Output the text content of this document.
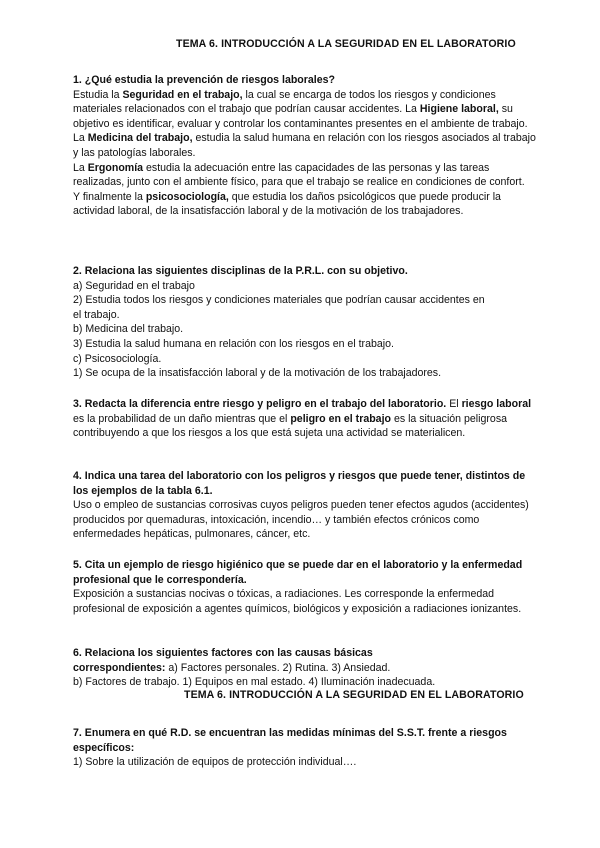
TEMA 6. INTRODUCCIÓN A LA SEGURIDAD EN EL LABORATORIO

1. ¿Qué estudia la prevención de riesgos laborales?

Estudia la Seguridad en el trabajo, la cual se encarga de todos los riesgos y condiciones materiales relacionados con el trabajo que podrían causar accidentes. La Higiene laboral, su objetivo es identificar, evaluar y controlar los contaminantes presentes en el ambiente de trabajo.

La Medicina del trabajo, estudia la salud humana en relación con los riesgos asociados al trabajo y las patologías laborales.

La Ergonomía estudia la adecuación entre las capacidades de las personas y las tareas realizadas, junto con el ambiente físico, para que el trabajo se realice en condiciones de confort.

Y finalmente la psicosociología, que estudia los daños psicológicos que puede producir la actividad laboral, de la insatisfacción laboral y de la motivación de los trabajadores.

2. Relaciona las siguientes disciplinas de la P.R.L. con su objetivo.

a) Seguridad en el trabajo

2) Estudia todos los riesgos y condiciones materiales que podrían causar accidentes en el trabajo.

b) Medicina del trabajo.

3) Estudia la salud humana en relación con los riesgos en el trabajo.

c) Psicosociología.

1) Se ocupa de la insatisfacción laboral y de la motivación de los trabajadores.

3. Redacta la diferencia entre riesgo y peligro en el trabajo del laboratorio. El riesgo laboral es la probabilidad de un daño mientras que el peligro en el trabajo es la situación peligrosa contribuyendo a que los riesgos a los que está sujeta una actividad se materialicen.

4. Indica una tarea del laboratorio con los peligros y riesgos que puede tener, distintos de los ejemplos de la tabla 6.1.

Uso o empleo de sustancias corrosivas cuyos peligros pueden tener efectos agudos (accidentes) producidos por quemaduras, intoxicación, incendio… y también efectos crónicos como enfermedades hepáticas, pulmonares, cáncer, etc.

5. Cita un ejemplo de riesgo higiénico que se puede dar en el laboratorio y la enfermedad profesional que le correspondería.

Exposición a sustancias nocivas o tóxicas, a radiaciones. Les corresponde la enfermedad profesional de exposición a agentes químicos, biológicos y exposición a radiaciones ionizantes.

6. Relaciona los siguientes factores con las causas básicas

correspondientes: a) Factores personales. 2) Rutina. 3) Ansiedad.

b) Factores de trabajo. 1) Equipos en mal estado. 4) Iluminación inadecuada.

TEMA 6. INTRODUCCIÓN A LA SEGURIDAD EN EL LABORATORIO

7. Enumera en qué R.D. se encuentran las medidas mínimas del S.S.T. frente a riesgos específicos:

1) Sobre la utilización de equipos de protección individual….
